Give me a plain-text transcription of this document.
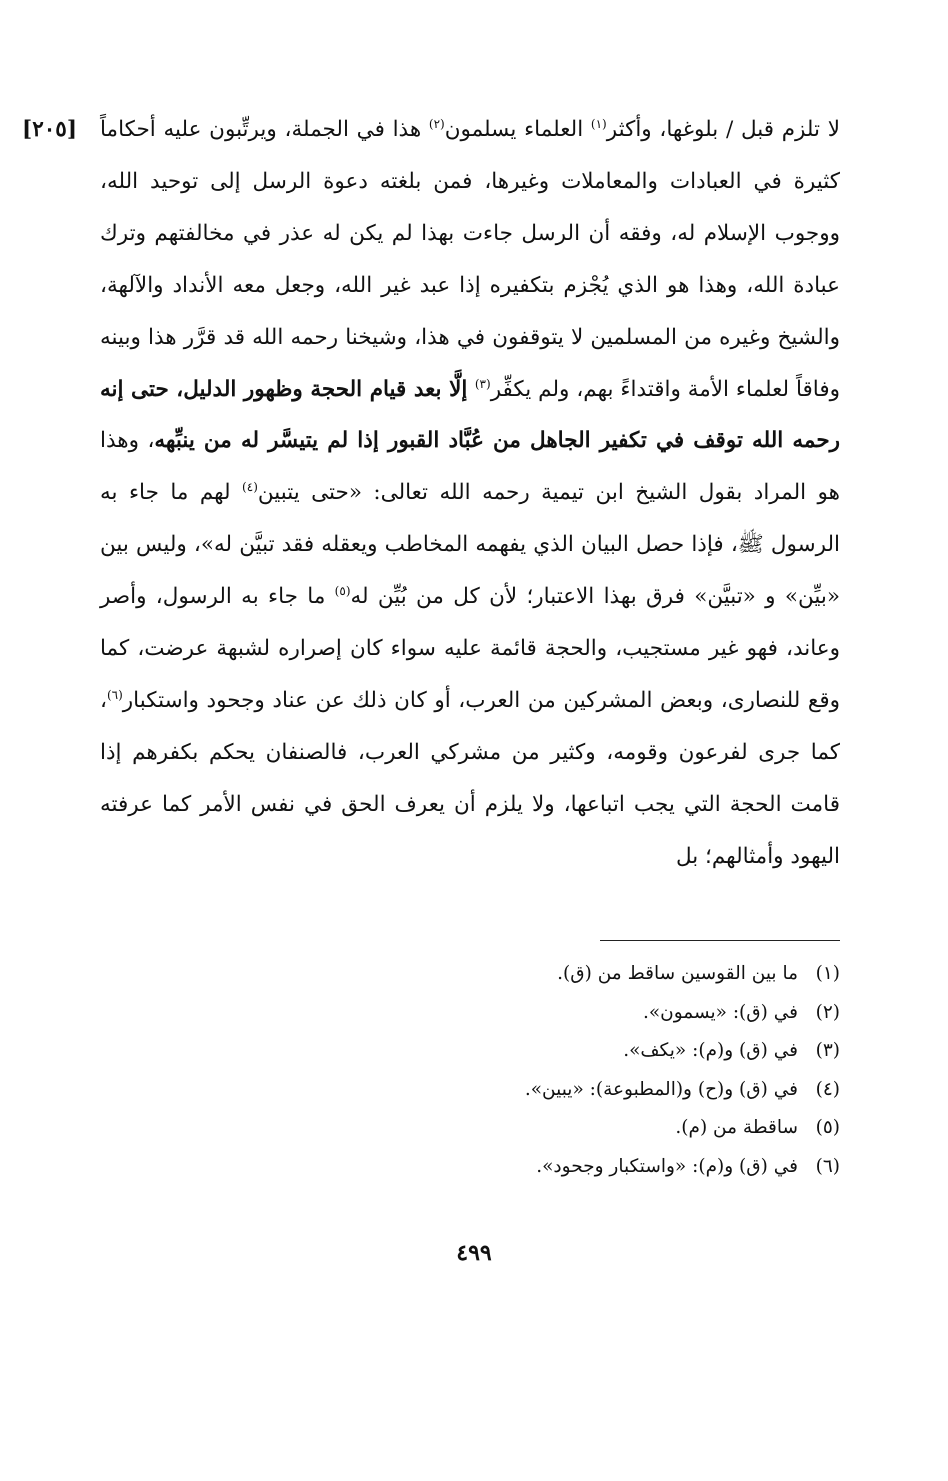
[٢٠٥]	لا تلزم قبل / بلوغها، وأكثر$^{(١)}$ العلماء يسلمون$^{(٢)}$ هذا في الجملة، ويرتِّبون عليه أحكاماً كثيرة في العبادات والمعاملات وغيرها، فمن بلغته دعوة الرسل إلى توحيد الله، ووجوب الإسلام له، وفقه أن الرسل جاءت بهذا لم يكن له عذر في مخالفتهم وترك عبادة الله، وهذا هو الذي يُجْزم بتكفيره إذا عبد غير الله، وجعل معه الأنداد والآلهة، والشيخ وغيره من المسلمين لا يتوقفون في هذا، وشيخنا رحمه الله قد قرَّر هذا وبينه وفاقاً لعلماء الأمة واقتداءً بهم، ولم يكفِّر$^{(٣)}$ إلَّا بعد قيام الحجة وظهور الدليل، حتى إنه رحمه الله توقف في تكفير الجاهل من عُبَّاد القبور إذا لم يتيسَّر له من ينبِّهه، وهذا هو المراد بقول الشيخ ابن تيمية رحمه الله تعالى: «حتى يتبين$^{(٤)}$ لهم ما جاء به الرسول ﷺ، فإذا حصل البيان الذي يفهمه المخاطب ويعقله فقد تبيَّن له»، وليس بين «بيِّن» و «تبيَّن» فرق بهذا الاعتبار؛ لأن كل من بُيِّن له$^{(٥)}$ ما جاء به الرسول، وأصر وعاند، فهو غير مستجيب، والحجة قائمة عليه سواء كان إصراره لشبهة عرضت، كما وقع للنصارى، وبعض المشركين من العرب، أو كان ذلك عن عناد وجحود واستكبار$^{(٦)}$، كما جرى لفرعون وقومه، وكثير من مشركي العرب، فالصنفان يحكم بكفرهم إذا قامت الحجة التي يجب اتباعها، ولا يلزم أن يعرف الحق في نفس الأمر كما عرفته اليهود وأمثالهم؛ بل

(١)ما بين القوسين ساقط من (ق).
(٢)في (ق): «يسمون».
(٣)في (ق) و(م): «يكف».
(٤)في (ق) و(ح) و(المطبوعة): «يبين».
(٥)ساقطة من (م).
(٦)في (ق) و(م): «واستكبار وجحود».
٤٩٩
